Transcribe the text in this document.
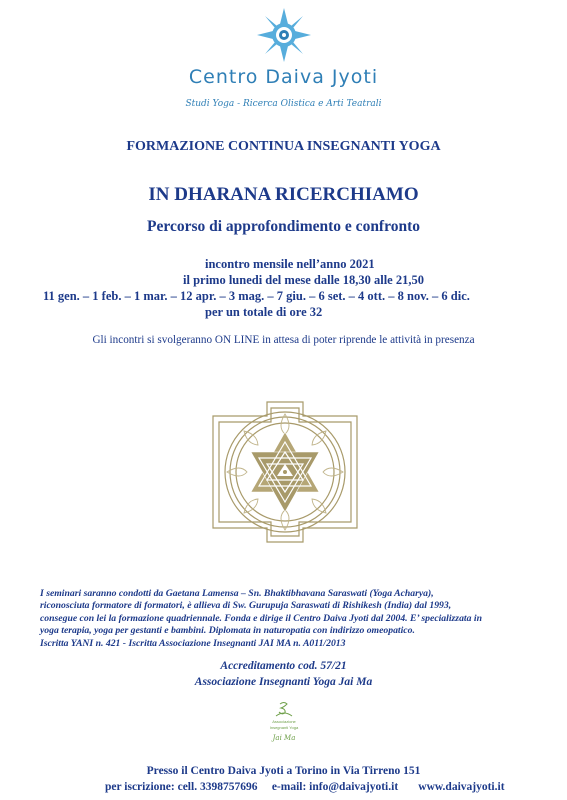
Centro Daiva Jyoti
Studi Yoga - Ricerca Olistica e Arti Teatrali
FORMAZIONE CONTINUA INSEGNANTI YOGA
IN DHARANA RICERCHIAMO
Percorso di approfondimento e confronto
incontro mensile nell’anno 2021
il primo lunedi del mese dalle 18,30 alle 21,50
11 gen. – 1 feb. – 1 mar. – 12 apr. – 3 mag. – 7 giu. – 6 set. – 4 ott. – 8 nov. – 6 dic.
per un totale di ore 32
Gli incontri si svolgeranno ON LINE in attesa di poter riprende le attività in presenza
I seminari saranno condotti da Gaetana Lamensa – Sn. Bhaktibhavana Saraswati (Yoga Acharya),
riconosciuta formatore di formatori, è allieva di Sw. Gurupuja Saraswati di Rishikesh (India) dal 1993,
consegue con lei la formazione quadriennale. Fonda e dirige il Centro Daiva Jyoti dal 2004. E’ specializzata in
yoga terapia, yoga per gestanti e bambini. Diplomata in naturopatia con indirizzo omeopatico.
Iscritta YANI n. 421 - Iscritta Associazione Insegnanti JAI MA n. A011/2013
Accreditamento cod. 57/21
Associazione Insegnanti Yoga Jai Ma
Associazione
Insegnanti Yoga
Jai Ma
Presso il Centro Daiva Jyoti a Torino in Via Tirreno 151
per iscrizione: cell. 3398757696 e-mail: info@daivajyoti.it www.daivajyoti.it
